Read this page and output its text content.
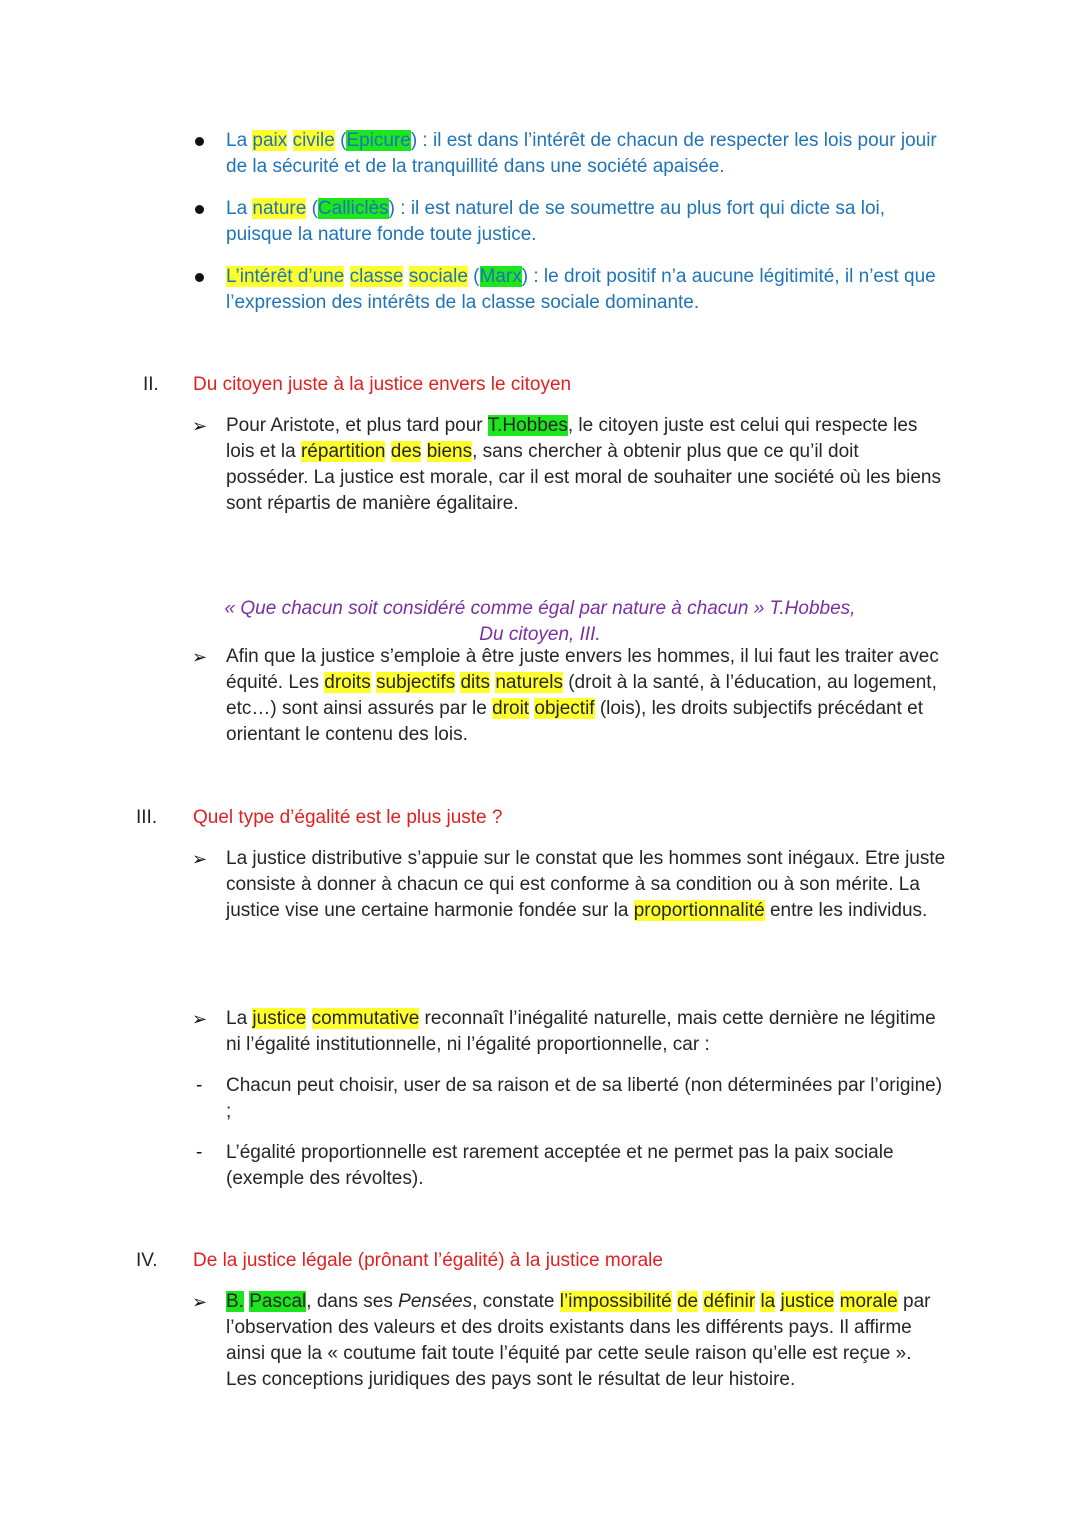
La paix civile (Epicure) : il est dans l’intérêt de chacun de respecter les lois pour jouir de la sécurité et de la tranquillité dans une société apaisée.

La nature (Calliclès) : il est naturel de se soumettre au plus fort qui dicte sa loi, puisque la nature fonde toute justice.

L’intérêt d’une classe sociale (Marx) : le droit positif n’a aucune légitimité, il n’est que l’expression des intérêts de la classe sociale dominante.

II. Du citoyen juste à la justice envers le citoyen
➢ Pour Aristote, et plus tard pour T.Hobbes, le citoyen juste est celui qui respecte les lois et la répartition des biens, sans chercher à obtenir plus que ce qu’il doit posséder. La justice est morale, car il est moral de souhaiter une société où les biens sont répartis de manière égalitaire.

« Que chacun soit considéré comme égal par nature à chacun » T.Hobbes,

Du citoyen, III.

➢ Afin que la justice s’emploie à être juste envers les hommes, il lui faut les traiter avec équité. Les droits subjectifs dits naturels (droit à la santé, à l’éducation, au logement, etc…) sont ainsi assurés par le droit objectif (lois), les droits subjectifs précédant et orientant le contenu des lois.

III. Quel type d’égalité est le plus juste ?
➢ La justice distributive s’appuie sur le constat que les hommes sont inégaux. Etre juste consiste à donner à chacun ce qui est conforme à sa condition ou à son mérite. La justice vise une certaine harmonie fondée sur la proportionnalité entre les individus.

➢ La justice commutative reconnaît l’inégalité naturelle, mais cette dernière ne légitime ni l’égalité institutionnelle, ni l’égalité proportionnelle, car :

- Chacun peut choisir, user de sa raison et de sa liberté (non déterminées par l’origine) ;

- L’égalité proportionnelle est rarement acceptée et ne permet pas la paix sociale (exemple des révoltes).

IV. De la justice légale (prônant l’égalité) à la justice morale
➢ B. Pascal, dans ses Pensées, constate l’impossibilité de définir la justice morale par l’observation des valeurs et des droits existants dans les différents pays. Il affirme ainsi que la « coutume fait toute l’équité par cette seule raison qu’elle est reçue ». Les conceptions juridiques des pays sont le résultat de leur histoire.
